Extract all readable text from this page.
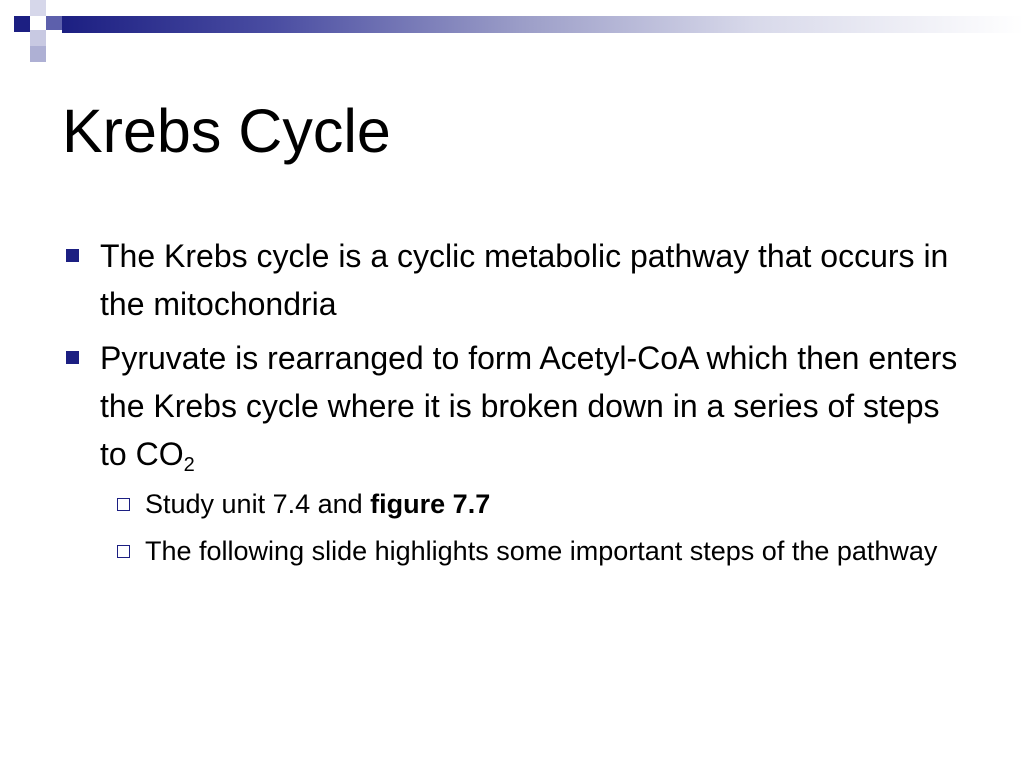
Krebs Cycle
The Krebs cycle is a cyclic metabolic pathway that occurs in the mitochondria
Pyruvate is rearranged to form Acetyl-CoA which then enters the Krebs cycle where it is broken down in a series of steps to $CO_2$
Study unit 7.4 and figure 7.7
The following slide highlights some important steps of the pathway
